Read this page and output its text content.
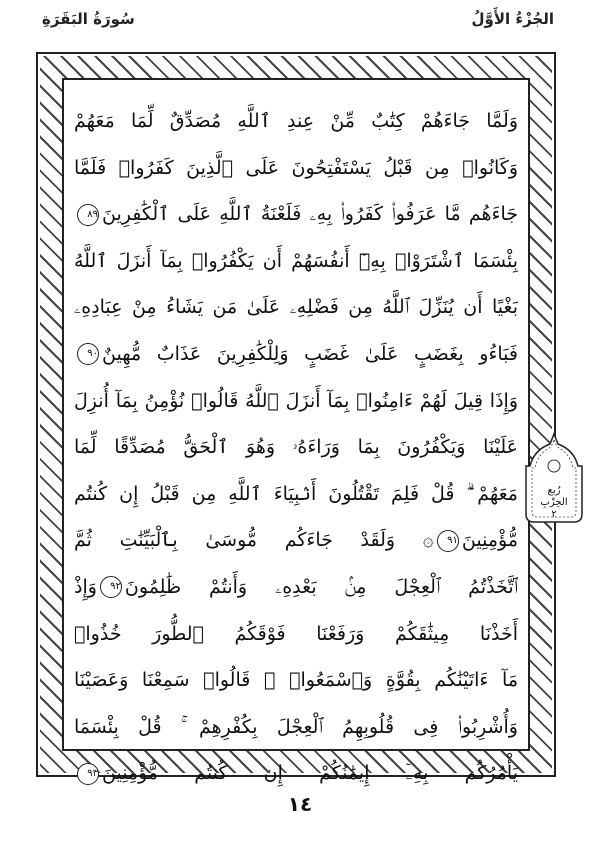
سُورَةُ البَقَرَةِ	الجُزْءُ الأَوَّلُ
وَلَمَّا جَاءَهُمْ كِتَٰبٌ مِّنْ عِندِ ٱللَّهِ مُصَدِّقٌ لِّمَا مَعَهُمْ
وَكَانُوا۟ مِن قَبْلُ يَسْتَفْتِحُونَ عَلَى ٱلَّذِينَ كَفَرُوا۟ فَلَمَّا
جَاءَهُم مَّا عَرَفُوا۟ كَفَرُوا۟ بِهِۦ فَلَعْنَةُ ٱللَّهِ عَلَى ٱلْكَٰفِرِينَ٨٩
بِئْسَمَا ٱشْتَرَوْا۟ بِهِۦٓ أَنفُسَهُمْ أَن يَكْفُرُوا۟ بِمَآ أَنزَلَ ٱللَّهُ
بَغْيًا أَن يُنَزِّلَ ٱللَّهُ مِن فَضْلِهِۦ عَلَىٰ مَن يَشَاءُ مِنْ عِبَادِهِۦ
فَبَاءُو بِغَضَبٍ عَلَىٰ غَضَبٍ وَلِلْكَٰفِرِينَ عَذَابٌ مُّهِينٌ٩٠
وَإِذَا قِيلَ لَهُمْ ءَامِنُوا۟ بِمَآ أَنزَلَ ٱللَّهُ قَالُوا۟ نُؤْمِنُ بِمَآ أُنزِلَ
عَلَيْنَا وَيَكْفُرُونَ بِمَا وَرَاءَهُۥ وَهُوَ ٱلْحَقُّ مُصَدِّقًا لِّمَا
مَعَهُمْ ۗ قُلْ فَلِمَ تَقْتُلُونَ أَنۢبِيَاءَ ٱللَّهِ مِن قَبْلُ إِن كُنتُم
مُّؤْمِنِينَ٩١۞ وَلَقَدْ جَاءَكُم مُّوسَىٰ بِٱلْبَيِّنَٰتِ ثُمَّ
ٱتَّخَذْتُمُ ٱلْعِجْلَ مِنۢ بَعْدِهِۦ وَأَنتُمْ ظَٰلِمُونَ٩٢وَإِذْ
أَخَذْنَا مِيثَٰقَكُمْ وَرَفَعْنَا فَوْقَكُمُ ٱلطُّورَ خُذُوا۟
مَآ ءَاتَيْنَٰكُم بِقُوَّةٍ وَٱسْمَعُوا۟ ۖ قَالُوا۟ سَمِعْنَا وَعَصَيْنَا
وَأُشْرِبُوا۟ فِى قُلُوبِهِمُ ٱلْعِجْلَ بِكُفْرِهِمْ ۚ قُلْ بِئْسَمَا
يَأْمُرُكُم بِهِۦٓ إِيمَٰنُكُمْ إِن كُنتُم مُّؤْمِنِينَ٩٣
رُبع
الحِزْبِ
٢
١٤
